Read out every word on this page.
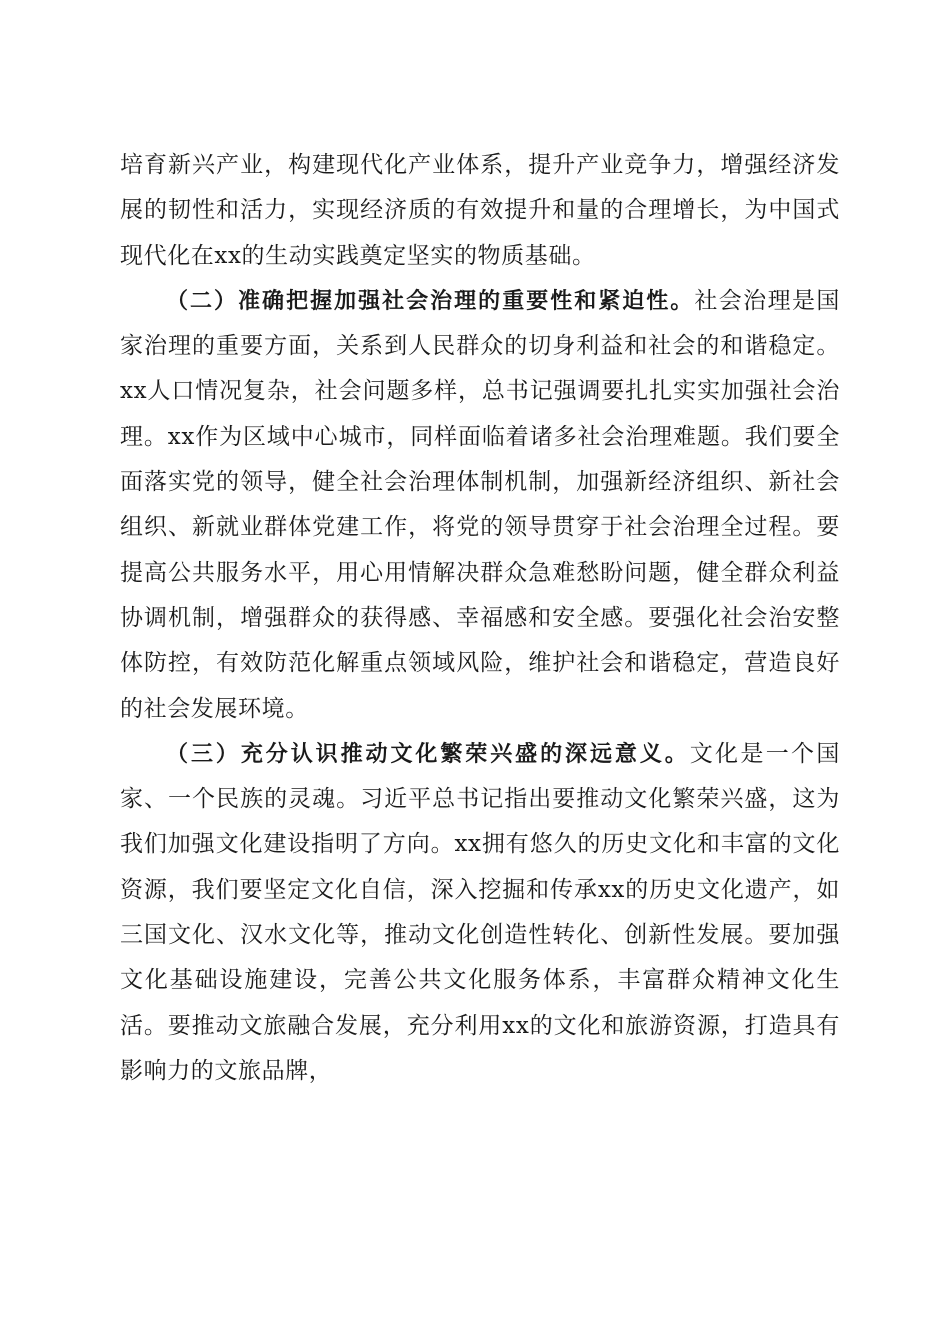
培育新兴产业，构建现代化产业体系，提升产业竞争力，增强经济发展的韧性和活力，实现经济质的有效提升和量的合理增长，为中国式现代化在xx的生动实践奠定坚实的物质基础。

（二）准确把握加强社会治理的重要性和紧迫性。社会治理是国家治理的重要方面，关系到人民群众的切身利益和社会的和谐稳定。xx人口情况复杂，社会问题多样，总书记强调要扎扎实实加强社会治理。xx作为区域中心城市，同样面临着诸多社会治理难题。我们要全面落实党的领导，健全社会治理体制机制，加强新经济组织、新社会组织、新就业群体党建工作，将党的领导贯穿于社会治理全过程。要提高公共服务水平，用心用情解决群众急难愁盼问题，健全群众利益协调机制，增强群众的获得感、幸福感和安全感。要强化社会治安整体防控，有效防范化解重点领域风险，维护社会和谐稳定，营造良好的社会发展环境。

（三）充分认识推动文化繁荣兴盛的深远意义。文化是一个国家、一个民族的灵魂。习近平总书记指出要推动文化繁荣兴盛，这为我们加强文化建设指明了方向。xx拥有悠久的历史文化和丰富的文化资源，我们要坚定文化自信，深入挖掘和传承xx的历史文化遗产，如三国文化、汉水文化等，推动文化创造性转化、创新性发展。要加强文化基础设施建设，完善公共文化服务体系，丰富群众精神文化生活。要推动文旅融合发展，充分利用xx的文化和旅游资源，打造具有影响力的文旅品牌，
